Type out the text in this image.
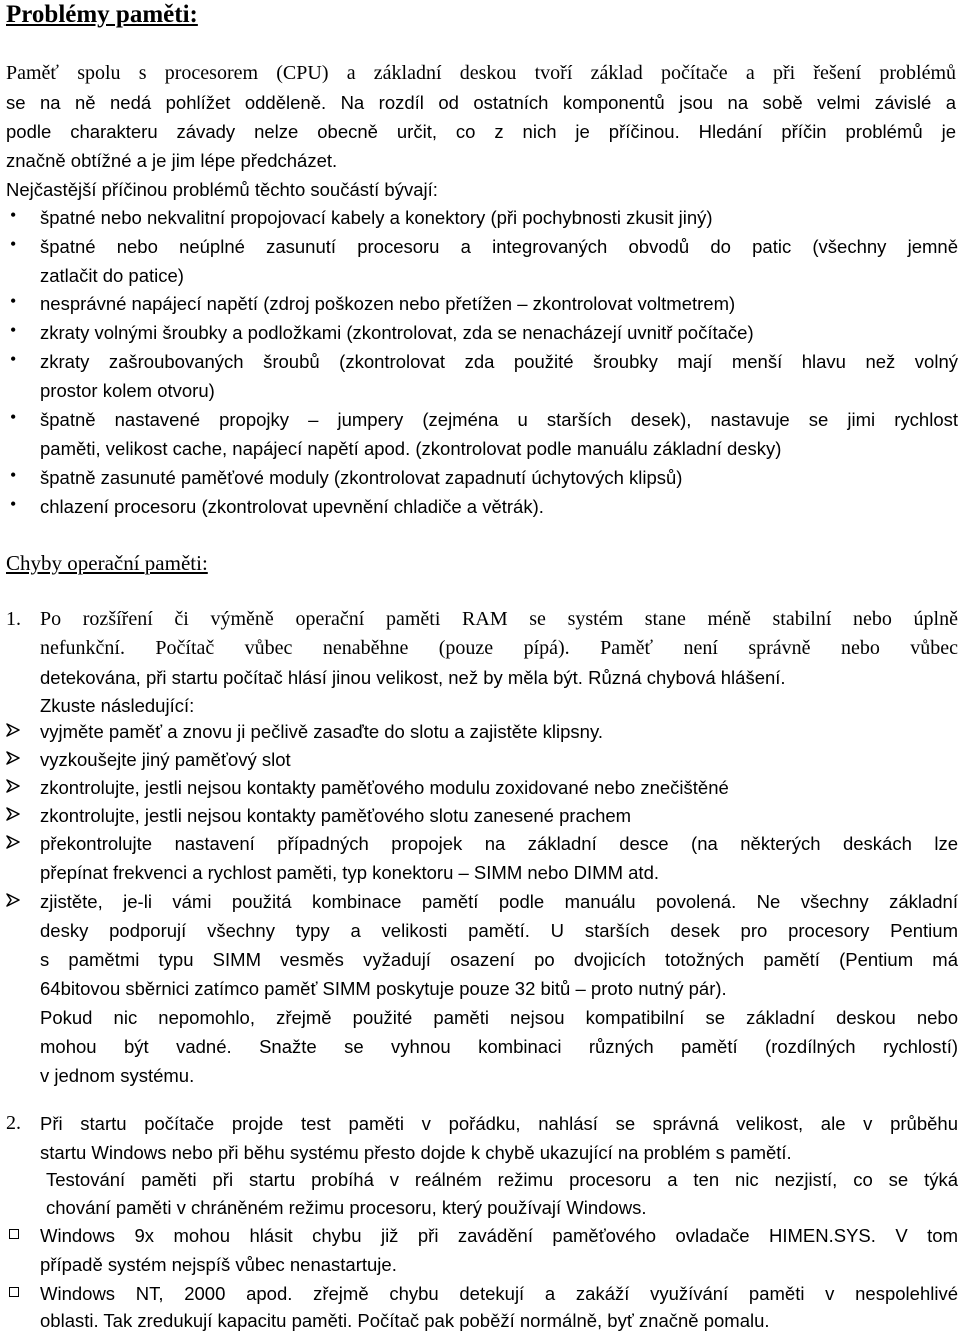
Problémy paměti:

Paměť spolu s procesorem (CPU) a základní deskou tvoří základ počítače a při řešení problémů

se na ně nedá pohlížet odděleně. Na rozdíl od ostatních komponentů jsou na sobě velmi závislé a

podle charakteru závady nelze obecně určit, co z nich je příčinou. Hledání příčin problémů je

značně obtížné a je jim lépe předcházet.

Nejčastější příčinou problémů těchto součástí bývají:

• špatné nebo nekvalitní propojovací kabely a konektory (při pochybnosti zkusit jiný)

• špatné nebo neúplné zasunutí procesoru a integrovaných obvodů do patic (všechny jemně

zatlačit do patice)

• nesprávné napájecí napětí (zdroj poškozen nebo přetížen – zkontrolovat voltmetrem)

• zkraty volnými šroubky a podložkami (zkontrolovat, zda se nenacházejí uvnitř počítače)

• zkraty zašroubovaných šroubů (zkontrolovat zda použité šroubky mají menší hlavu než volný

prostor kolem otvoru)

• špatně nastavené propojky – jumpery (zejména u starších desek), nastavuje se jimi rychlost

paměti, velikost cache, napájecí napětí apod. (zkontrolovat podle manuálu základní desky)

• špatně zasunuté paměťové moduly (zkontrolovat zapadnutí úchytových klipsů)

• chlazení procesoru (zkontrolovat upevnění chladiče a větrák).

Chyby operační paměti:

1. Po rozšíření či výměně operační paměti RAM se systém stane méně stabilní nebo úplně

nefunkční. Počítač vůbec nenaběhne (pouze pípá). Paměť není správně nebo vůbec

detekována, při startu počítač hlásí jinou velikost, než by měla být. Různá chybová hlášení.

Zkuste následující:

vyjměte paměť a znovu ji pečlivě zasaďte do slotu a zajistěte klipsny.

vyzkoušejte jiný paměťový slot

zkontrolujte, jestli nejsou kontakty paměťového modulu zoxidované nebo znečištěné

zkontrolujte, jestli nejsou kontakty paměťového slotu zanesené prachem

překontrolujte nastavení případných propojek na základní desce (na některých deskách lze

přepínat frekvenci a rychlost paměti, typ konektoru – SIMM nebo DIMM atd.

zjistěte, je-li vámi použitá kombinace pamětí podle manuálu povolená. Ne všechny základní

desky podporují všechny typy a velikosti pamětí. U starších desek pro procesory Pentium

s pamětmi typu SIMM vesměs vyžadují osazení po dvojicích totožných pamětí (Pentium má

64bitovou sběrnici zatímco paměť SIMM poskytuje pouze 32 bitů – proto nutný pár).

Pokud nic nepomohlo, zřejmě použité paměti nejsou kompatibilní se základní deskou nebo

mohou být vadné. Snažte se vyhnou kombinaci různých pamětí (rozdílných rychlostí)

v jednom systému.

2. Při startu počítače projde test paměti v pořádku, nahlásí se správná velikost, ale v průběhu

startu Windows nebo při běhu systému přesto dojde k chybě ukazující na problém s pamětí.

Testování paměti při startu probíhá v reálném režimu procesoru a ten nic nezjistí, co se týká

chování paměti v chráněném režimu procesoru, který používají Windows.

Windows 9x mohou hlásit chybu již při zavádění paměťového ovladače HIMEN.SYS. V tom

případě systém nejspíš vůbec nenastartuje.

Windows NT, 2000 apod. zřejmě chybu detekují a zakáží využívání paměti v nespolehlivé

oblasti. Tak zredukují kapacitu paměti. Počítač pak poběží normálně, byť značně pomalu.
